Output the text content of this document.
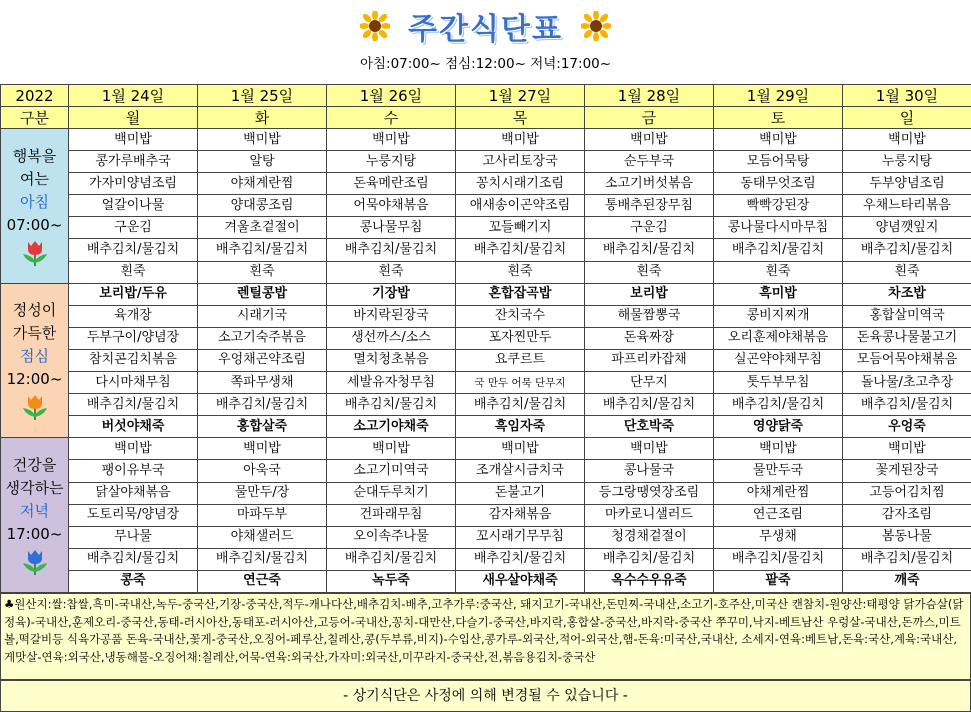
주간식단표
아침:07:00~ 점심:12:00~ 저녁:17:00~
2022	1월 24일	1월 25일	1월 26일	1월 27일	1월 28일	1월 29일	1월 30일
구분	월	화	수	목	금	토	일

행복을
여는
아침
07:00~	백미밥	백미밥	백미밥	백미밥	백미밥	백미밥	백미밥
	콩가루배추국	알탕	누룽지탕	고사리토장국	순두부국	모듬어묵탕	누룽지탕
	가자미양념조림	야채계란찜	돈육메란조림	꽁치시래기조림	소고기버섯볶음	동태무엇조림	두부양념조림
	얼갈이나물	양대콩조림	어묵야채볶음	애새송이곤약조림	통배추된장무침	빡빡강된장	우채느타리볶음
	구운김	겨울초겉절이	콩나물무침	꼬들빼기지	구운김	콩나물다시마무침	양념깻잎지
	배추김치/물김치	배추김치/물김치	배추김치/물김치	배추김치/물김치	배추김치/물김치	배추김치/물김치	배추김치/물김치
	흰죽	흰죽	흰죽	흰죽	흰죽	흰죽	흰죽

정성이
가득한
점심
12:00~	보리밥/두유	렌틸콩밥	기장밥	혼합잡곡밥	보리밥	흑미밥	차조밥
	육개장	시래기국	바지락된장국	잔치국수	해물짬뽕국	콩비지찌개	홍합살미역국
	두부구이/양념장	소고기숙주볶음	생선까스/소스	포자찐만두	돈육짜장	오리훈제야채볶음	돈육콩나물불고기
	참치콘김치볶음	우엉채곤약조림	멸치청초볶음	요쿠르트	파프리카잡채	실곤약야채무침	모듬어묵야채볶음
	다시마채무침	쪽파무생채	세발유자청무침	국 만두 어묵 단무지	단무지	톳두부무침	돌나물/초고추장
	배추김치/물김치	배추김치/물김치	배추김치/물김치	배추김치/물김치	배추김치/물김치	배추김치/물김치	배추김치/물김치
	버섯야채죽	홍합살죽	소고기야채죽	흑임자죽	단호박죽	영양닭죽	우엉죽

건강을
생각하는
저녁
17:00~	백미밥	백미밥	백미밥	백미밥	백미밥	백미밥	백미밥
	팽이유부국	아욱국	소고기미역국	조개살시금치국	콩나물국	물만두국	꽃게된장국
	닭살야채볶음	물만두/장	순대두루치기	돈불고기	등그랑땡엿장조림	야채계란찜	고등어김치찜
	도토리묵/양념장	마파두부	건파래무침	감자채볶음	마카로니샐러드	연근조림	감자조림
	무나물	야채샐러드	오이속주나물	꼬시래기무무침	청경채겉절이	무생채	봄동나물
	배추김치/물김치	배추김치/물김치	배추김치/물김치	배추김치/물김치	배추김치/물김치	배추김치/물김치	배추김치/물김치
	콩죽	연근죽	녹두죽	새우살야채죽	옥수수우유죽	팥죽	깨죽
♣원산지:쌀:찹쌀,흑미-국내산,녹두-중국산,기장-중국산,적두-캐나다산,배추김치-배추,고추가루:중국산, 돼지고기-국내산,돈민찌-국내산,소고기-호주산,미국산 캔참치-원양산:태평양 닭가슴살(닭정육)-국내산,훈제오리-중국산,동태-러시아산,동태포-러시아산,고등어-국내산,꽁치-대만산,다슬기-중국산,바지락,홍합살-중국산,바지락-중국산 쭈꾸미,낙지-베트남산 우렁살-국내산,돈까스,미트볼,떡갈비등 식육가공품 돈육-국내산,꽃게-중국산,오징어-페루산,칠레산,콩(두부류,비지)-수입산,콩가루-외국산,적어-외국산,햄-돈육:미국산,국내산, 소세지-연육:베트남,돈육:국산,계육:국내산,게맛살-연육:외국산,냉동해물-오징어채:칠레산,어묵-연육:외국산,가자미:외국산,미꾸라지-중국산,전,볶음용김치-중국산
- 상기식단은 사정에 의해 변경될 수 있습니다 -
